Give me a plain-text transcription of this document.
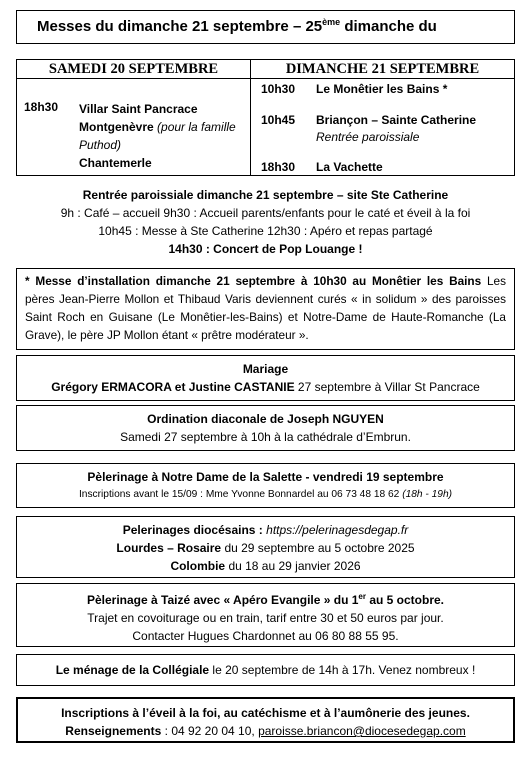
Messes du dimanche 21 septembre – 25ème dimanche du
SAMEDI 20 SEPTEMBRE	DIMANCHE 21 SEPTEMBRE
18h30 Villar Saint Pancrace
Montgenèvre (pour la famille Puthod)
Chantemerle
10h30 Le Monêtier les Bains *
10h45 Briançon – Sainte Catherine
Rentrée paroissiale
18h30 La Vachette
Rentrée paroissiale dimanche 21 septembre – site Ste Catherine
9h : Café – accueil 9h30 : Accueil parents/enfants pour le caté et éveil à la foi
10h45 : Messe à Ste Catherine 12h30 : Apéro et repas partagé
14h30 : Concert de Pop Louange !
* Messe d’installation dimanche 21 septembre à 10h30 au Monêtier les Bains Les pères Jean-Pierre Mollon et Thibaud Varis deviennent curés « in solidum » des paroisses Saint Roch en Guisane (Le Monêtier-les-Bains) et Notre-Dame de Haute-Romanche (La Grave), le père JP Mollon étant « prêtre modérateur ».
Mariage
Grégory ERMACORA et Justine CASTANIE 27 septembre à Villar St Pancrace
Ordination diaconale de Joseph NGUYEN
Samedi 27 septembre à 10h à la cathédrale d’Embrun.
Pèlerinage à Notre Dame de la Salette - vendredi 19 septembre
Inscriptions avant le 15/09 : Mme Yvonne Bonnardel au 06 73 48 18 62 (18h - 19h)
Pelerinages diocésains : https://pelerinagesdegap.fr
Lourdes – Rosaire du 29 septembre au 5 octobre 2025
Colombie du 18 au 29 janvier 2026
Pèlerinage à Taizé avec « Apéro Evangile » du 1er au 5 octobre.
Trajet en covoiturage ou en train, tarif entre 30 et 50 euros par jour.
Contacter Hugues Chardonnet au 06 80 88 55 95.
Le ménage de la Collégiale le 20 septembre de 14h à 17h. Venez nombreux !
Inscriptions à l’éveil à la foi, au catéchisme et à l’aumônerie des jeunes.
Renseignements : 04 92 20 04 10, paroisse.briancon@diocesedegap.com
